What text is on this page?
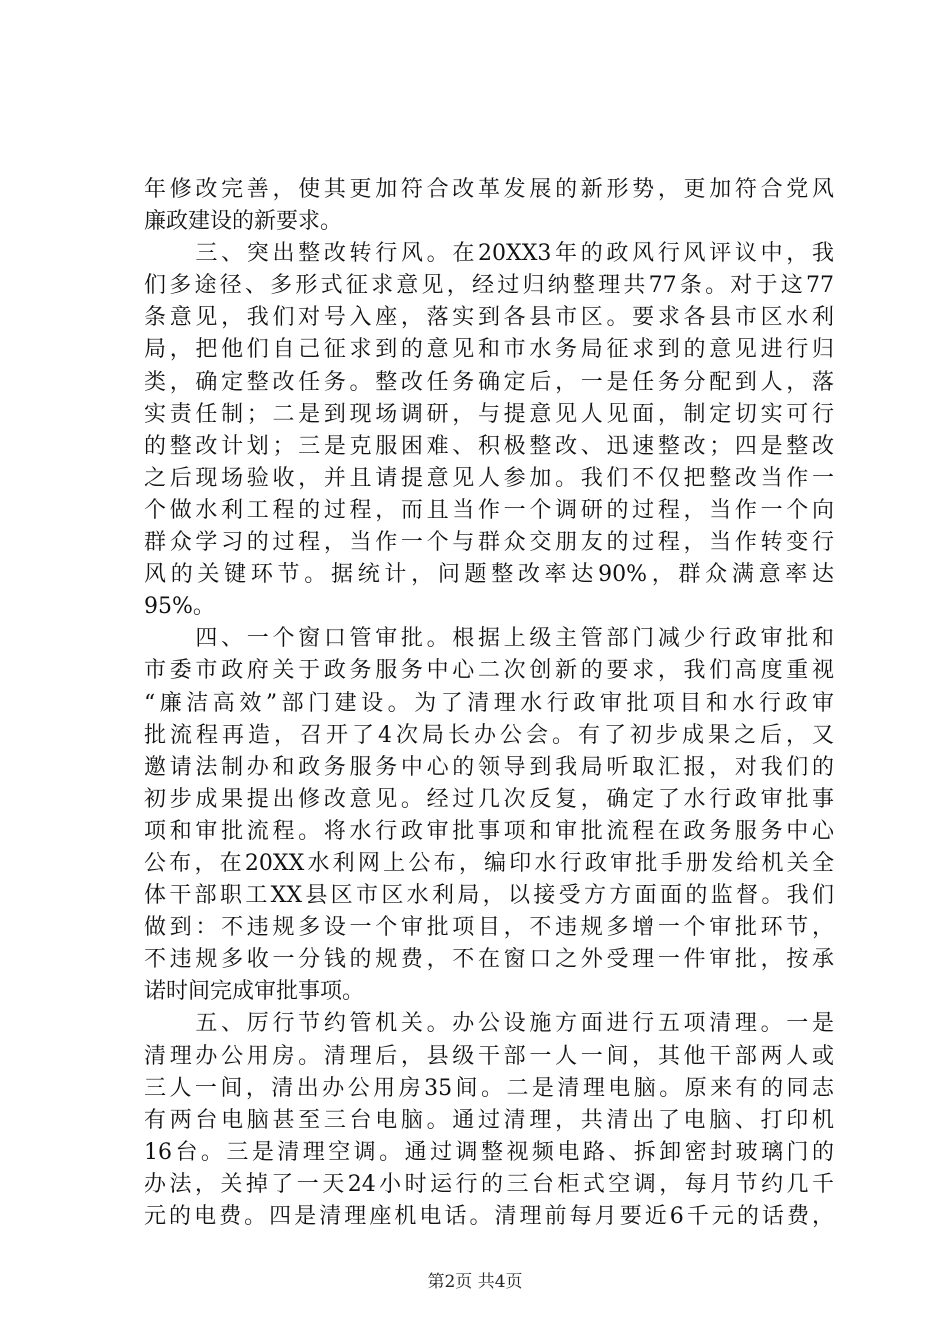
年修改完善，使其更加符合改革发展的新形势，更加符合党风
廉政建设的新要求。
　　三、突出整改转行风。在20XX3年的政风行风评议中，我
们多途径、多形式征求意见，经过归纳整理共77条。对于这77
条意见，我们对号入座，落实到各县市区。要求各县市区水利
局，把他们自己征求到的意见和市水务局征求到的意见进行归
类，确定整改任务。整改任务确定后，一是任务分配到人，落
实责任制；二是到现场调研，与提意见人见面，制定切实可行
的整改计划；三是克服困难、积极整改、迅速整改；四是整改
之后现场验收，并且请提意见人参加。我们不仅把整改当作一
个做水利工程的过程，而且当作一个调研的过程，当作一个向
群众学习的过程，当作一个与群众交朋友的过程，当作转变行
风的关键环节。据统计，问题整改率达90%，群众满意率达
95%。
　　四、一个窗口管审批。根据上级主管部门减少行政审批和
市委市政府关于政务服务中心二次创新的要求，我们高度重视
“廉洁高效”部门建设。为了清理水行政审批项目和水行政审
批流程再造，召开了4次局长办公会。有了初步成果之后，又
邀请法制办和政务服务中心的领导到我局听取汇报，对我们的
初步成果提出修改意见。经过几次反复，确定了水行政审批事
项和审批流程。将水行政审批事项和审批流程在政务服务中心
公布，在20XX水利网上公布，编印水行政审批手册发给机关全
体干部职工XX县区市区水利局，以接受方方面面的监督。我们
做到：不违规多设一个审批项目，不违规多增一个审批环节，
不违规多收一分钱的规费，不在窗口之外受理一件审批，按承
诺时间完成审批事项。
　　五、厉行节约管机关。办公设施方面进行五项清理。一是
清理办公用房。清理后，县级干部一人一间，其他干部两人或
三人一间，清出办公用房35间。二是清理电脑。原来有的同志
有两台电脑甚至三台电脑。通过清理，共清出了电脑、打印机
16台。三是清理空调。通过调整视频电路、拆卸密封玻璃门的
办法，关掉了一天24小时运行的三台柜式空调，每月节约几千
元的电费。四是清理座机电话。清理前每月要近6千元的话费，
第2页 共4页
